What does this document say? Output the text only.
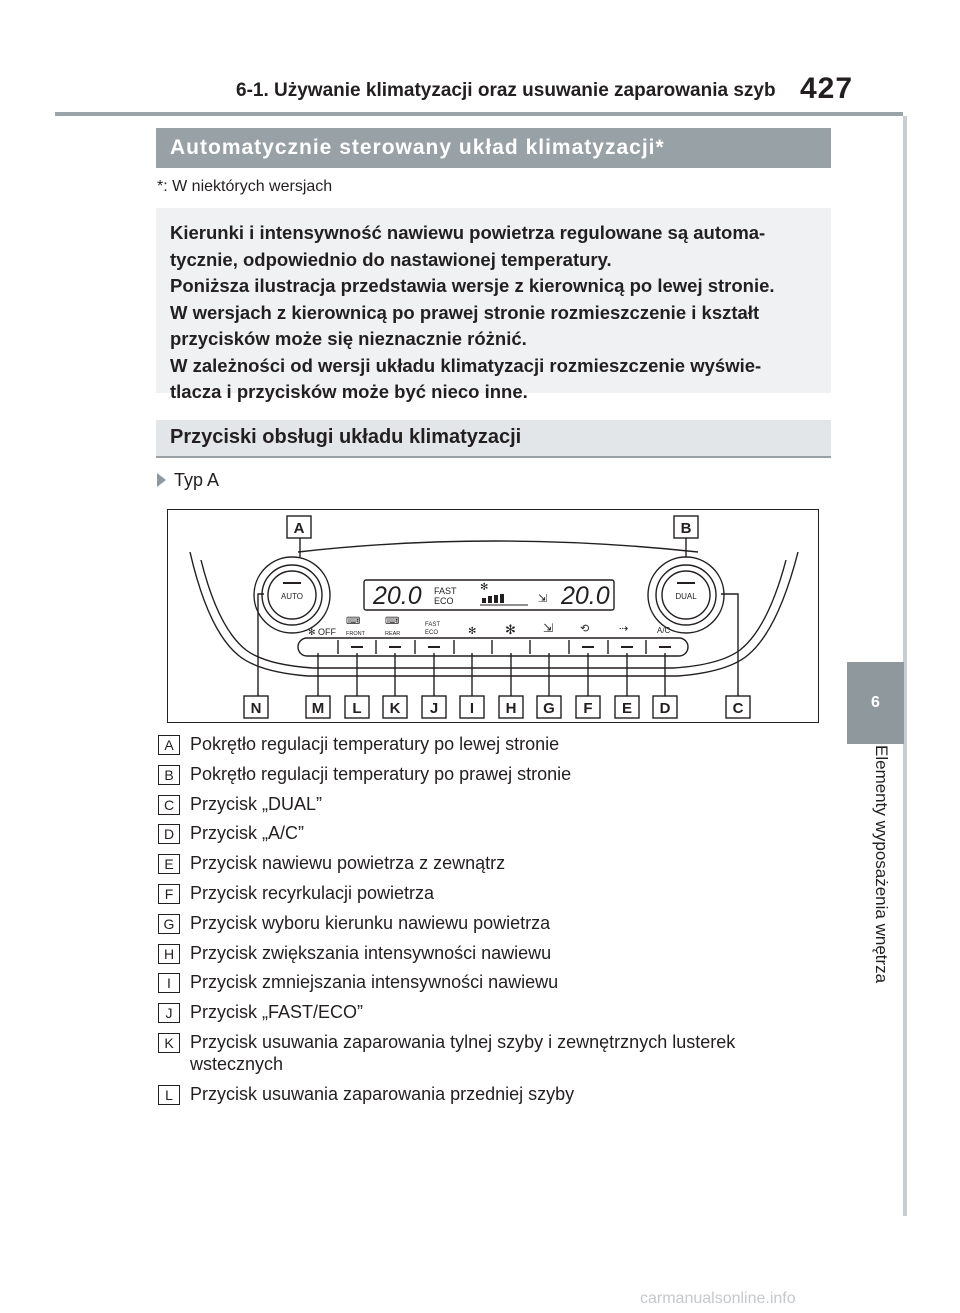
6-1. Używanie klimatyzacji oraz usuwanie zaparowania szyb 427
6
Elementy wyposażenia wnętrza
Automatycznie sterowany układ klimatyzacji*
*: W niektórych wersjach

Kierunki i intensywność nawiewu powietrza regulowane są automa-

tycznie, odpowiednio do nastawionej temperatury.

Poniższa ilustracja przedstawia wersje z kierownicą po lewej stronie.

W wersjach z kierownicą po prawej stronie rozmieszczenie i kształt

przycisków może się nieznacznie różnić.

W zależności od wersji układu klimatyzacji rozmieszczenie wyświe-

tlacza i przycisków może być nieco inne.

Przyciski obsługi układu klimatyzacji
Typ A
20.0	20.0
FAST
ECO
✻
⇲
AUTO	DUAL
✻ OFF
⌨
FRONT
⌨
REAR
FAST
ECO	✻ ✻ ⇲ ⟲	⇢	A/C
A	B
N	M L K J I H G F E D	C
A Pokrętło regulacji temperatury po lewej stronie
B Pokrętło regulacji temperatury po prawej stronie
C Przycisk „DUAL”
D Przycisk „A/C”
E Przycisk nawiewu powietrza z zewnątrz
F Przycisk recyrkulacji powietrza
G Przycisk wyboru kierunku nawiewu powietrza
H Przycisk zwiększania intensywności nawiewu
I	Przycisk zmniejszania intensywności nawiewu
J Przycisk „FAST/ECO”
K Przycisk usuwania zaparowania tylnej szyby i zewnętrznych lusterek
wstecznych
L Przycisk usuwania zaparowania przedniej szyby
carmanualsonline.info
